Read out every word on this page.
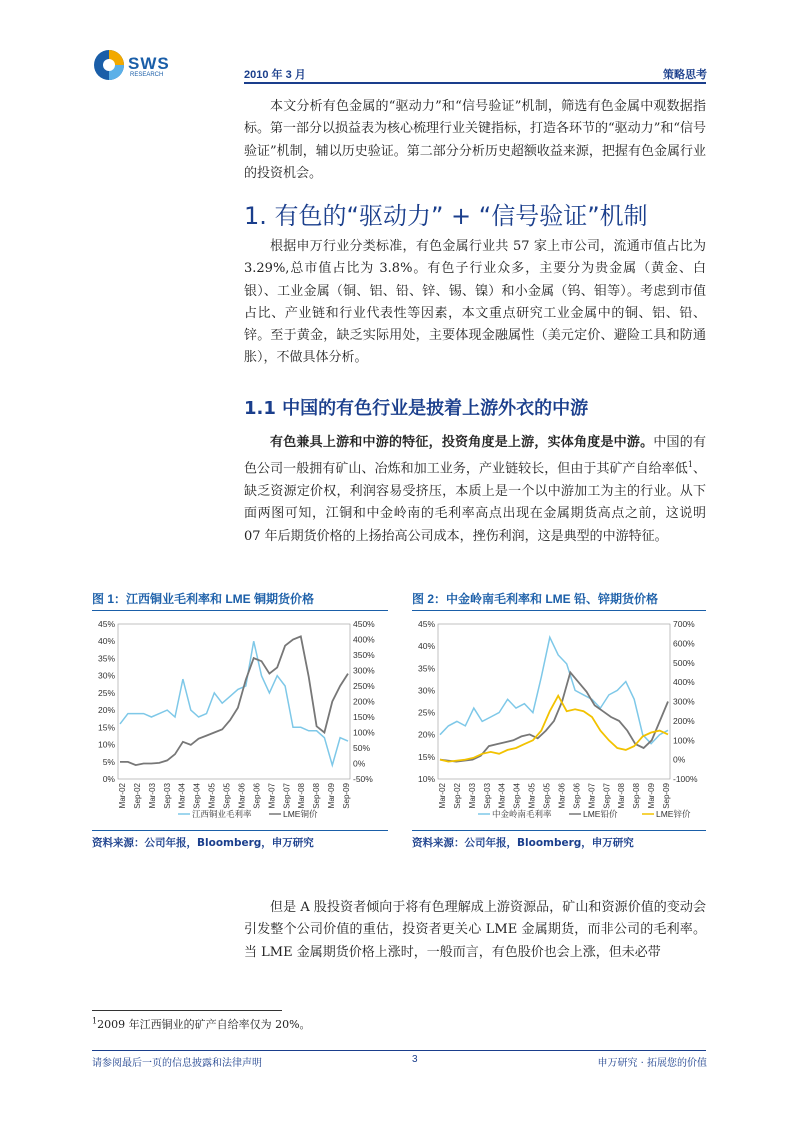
SWS
RESEARCH	2010 年 3 月	策略思考
本文分析有色金属的“驱动力”和“信号验证”机制，筛选有色金属中观数据指标。第一部分以损益表为核心梳理行业关键指标，打造各环节的“驱动力”和“信号验证”机制，辅以历史验证。第二部分分析历史超额收益来源，把握有色金属行业的投资机会。
1. 有色的“驱动力” + “信号验证”机制
根据申万行业分类标准，有色金属行业共 57 家上市公司，流通市值占比为 3.29%,总市值占比为 3.8%。有色子行业众多，主要分为贵金属（黄金、白银）、工业金属（铜、铝、铅、锌、锡、镍）和小金属（钨、钼等）。考虑到市值占比、产业链和行业代表性等因素，本文重点研究工业金属中的铜、铝、铅、锌。至于黄金，缺乏实际用处，主要体现金融属性（美元定价、避险工具和防通胀），不做具体分析。
1.1 中国的有色行业是披着上游外衣的中游
有色兼具上游和中游的特征，投资角度是上游，实体角度是中游。中国的有色公司一般拥有矿山、冶炼和加工业务，产业链较长，但由于其矿产自给率低$^1$、缺乏资源定价权，利润容易受挤压，本质上是一个以中游加工为主的行业。从下面两图可知，江铜和中金岭南的毛利率高点出现在金属期货高点之前，这说明 07 年后期货价格的上扬抬高公司成本，挫伤利润，这是典型的中游特征。
图 1：江西铜业毛利率和 LME 铜期货价格	图 2：中金岭南毛利率和 LME 铅、锌期货价格
45%
40%
35%
30%
25%
20%
15%
10%
5%
0%
450%
400%
350%
300%
250%
200%
150%
100%
50%
0%
-50%
Mar-02 Sep-02 Mar-03 Sep-03 Mar-04 Sep-04 Mar-05 Sep-05 Mar-06 Sep-06 Mar-07 Sep-07 Mar-08 Sep-08 Mar-09 Sep-09
江西铜业毛利率	LME铜价
45%
40%
35%
30%
25%
20%
15%
10%
700%
600%
500%
400%
300%
200%
100%
0%
-100%
Mar-02 Sep-02 Mar-03 Sep-03 Mar-04 Sep-04 Mar-05 Sep-05 Mar-06 Sep-06 Mar-07 Sep-07 Mar-08 Sep-08 Mar-09 Sep-09
中金岭南毛利率	LME铅价	LME锌价
资料来源：公司年报，Bloomberg，申万研究	资料来源：公司年报，Bloomberg，申万研究
但是 A 股投资者倾向于将有色理解成上游资源品，矿山和资源价值的变动会引发整个公司价值的重估，投资者更关心 LME 金属期货，而非公司的毛利率。当 LME 金属期货价格上涨时，一般而言，有色股价也会上涨，但未必带
$^1$2009 年江西铜业的矿产自给率仅为 20%。
请参阅最后一页的信息披露和法律声明	3	申万研究 · 拓展您的价值
